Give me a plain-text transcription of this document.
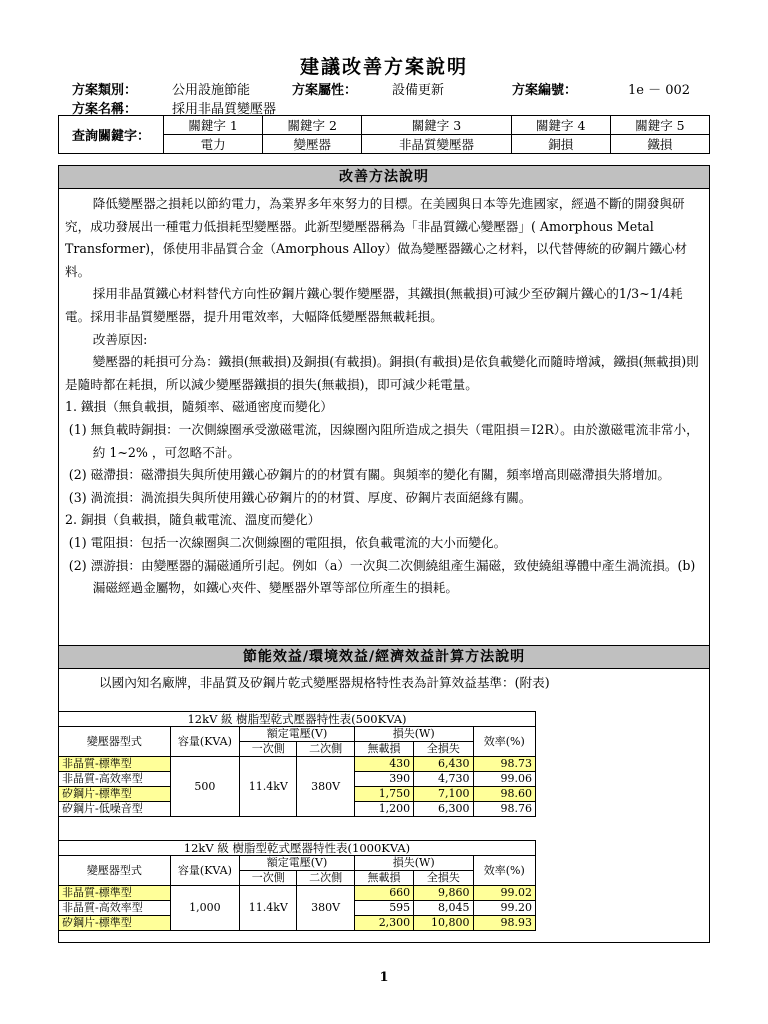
建議改善方案說明
方案類別：	公用設施節能	方案屬性：	設備更新	方案編號：	1e － 002
方案名稱：	採用非晶質變壓器
查詢關鍵字：	關鍵字 1	關鍵字 2	關鍵字 3	關鍵字 4	關鍵字 5
	電力	變壓器	非晶質變壓器	銅損	鐵損
改善方法說明

降低變壓器之損耗以節約電力，為業界多年來努力的目標。在美國與日本等先進國家，經過不斷的開發與研究，成功發展出一種電力低損耗型變壓器。此新型變壓器稱為「非晶質鐵心變壓器」( Amorphous Metal Transformer)，係使用非晶質合金（Amorphous Alloy）做為變壓器鐵心之材料，以代替傳統的矽鋼片鐵心材料。

採用非晶質鐵心材料替代方向性矽鋼片鐵心製作變壓器，其鐵損(無載損)可減少至矽鋼片鐵心的1/3~1/4耗電。採用非晶質變壓器，提升用電效率，大幅降低變壓器無載耗損。

改善原因:

變壓器的耗損可分為：鐵損(無載損)及銅損(有載損)。銅損(有載損)是依負載變化而隨時增減，鐵損(無載損)則是隨時都在耗損，所以減少變壓器鐵損的損失(無載損)，即可減少耗電量。

1. 鐵損（無負載損，隨頻率、磁通密度而變化）

(1) 無負載時銅損：一次側線圈承受激磁電流，因線圈內阻所造成之損失（電阻損＝I2R）。由於激磁電流非常小，約 1~2% ，可忽略不計。

(2) 磁滯損：磁滯損失與所使用鐵心矽鋼片的的材質有關。與頻率的變化有關，頻率增高則磁滯損失將增加。

(3) 渦流損：渦流損失與所使用鐵心矽鋼片的的材質、厚度、矽鋼片表面絕緣有關。

2. 銅損（負載損，隨負載電流、溫度而變化）

(1) 電阻損：包括一次線圈與二次側線圈的電阻損，依負載電流的大小而變化。

(2) 漂游損：由變壓器的漏磁通所引起。例如（a）一次與二次側繞組產生漏磁，致使繞組導體中產生渦流損。(b) 漏磁經過金屬物，如鐵心夾件、變壓器外罩等部位所產生的損耗。

節能效益/環境效益/經濟效益計算方法說明
以國內知名廠牌，非晶質及矽鋼片乾式變壓器規格特性表為計算效益基準：(附表)
12kV 級 樹脂型乾式壓器特性表(500KVA)						
變壓器型式	容量(KVA)	額定電壓(V)		損失(W)		效率(%)
		一次側	二次側	無載損	全損失	
非晶質-標準型	500	11.4kV	380V	430	6,430	98.73
非晶質-高效率型				390	4,730	99.06
矽鋼片-標準型				1,750	7,100	98.60
矽鋼片-低噪音型				1,200	6,300	98.76
12kV 級 樹脂型乾式壓器特性表(1000KVA)						
變壓器型式	容量(KVA)	額定電壓(V)		損失(W)		效率(%)
		一次側	二次側	無載損	全損失	
非晶質-標準型	1,000	11.4kV	380V	660	9,860	99.02
非晶質-高效率型				595	8,045	99.20
矽鋼片-標準型				2,300	10,800	98.93
1
